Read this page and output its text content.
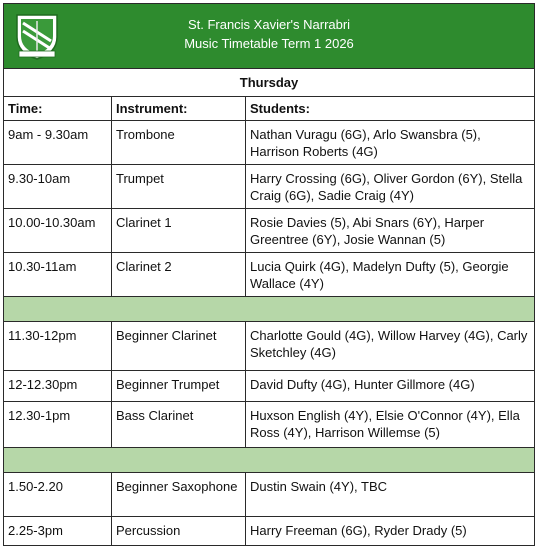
St. Francis Xavier's Narrabri
Music Timetable Term 1 2026		

Thursday		
Time:	Instrument:	Students:
9am - 9.30am	Trombone	Nathan Vuragu (6G), Arlo Swansbra (5), Harrison Roberts (4G)
9.30-10am	Trumpet	Harry Crossing (6G), Oliver Gordon (6Y), Stella Craig (6G), Sadie Craig (4Y)
10.00-10.30am	Clarinet 1	Rosie Davies (5), Abi Snars (6Y), Harper Greentree (6Y), Josie Wannan (5)
10.30-11am	Clarinet 2	Lucia Quirk (4G), Madelyn Dufty (5), Georgie Wallace (4Y)

11.30-12pm	Beginner Clarinet	Charlotte Gould (4G), Willow Harvey (4G), Carly Sketchley (4G)
12-12.30pm	Beginner Trumpet	David Dufty (4G), Hunter Gillmore (4G)
12.30-1pm	Bass Clarinet	Huxson English (4Y), Elsie O'Connor (4Y), Ella Ross (4Y), Harrison Willemse (5)

1.50-2.20	Beginner Saxophone	Dustin Swain (4Y), TBC
2.25-3pm	Percussion	Harry Freeman (6G), Ryder Drady (5)
